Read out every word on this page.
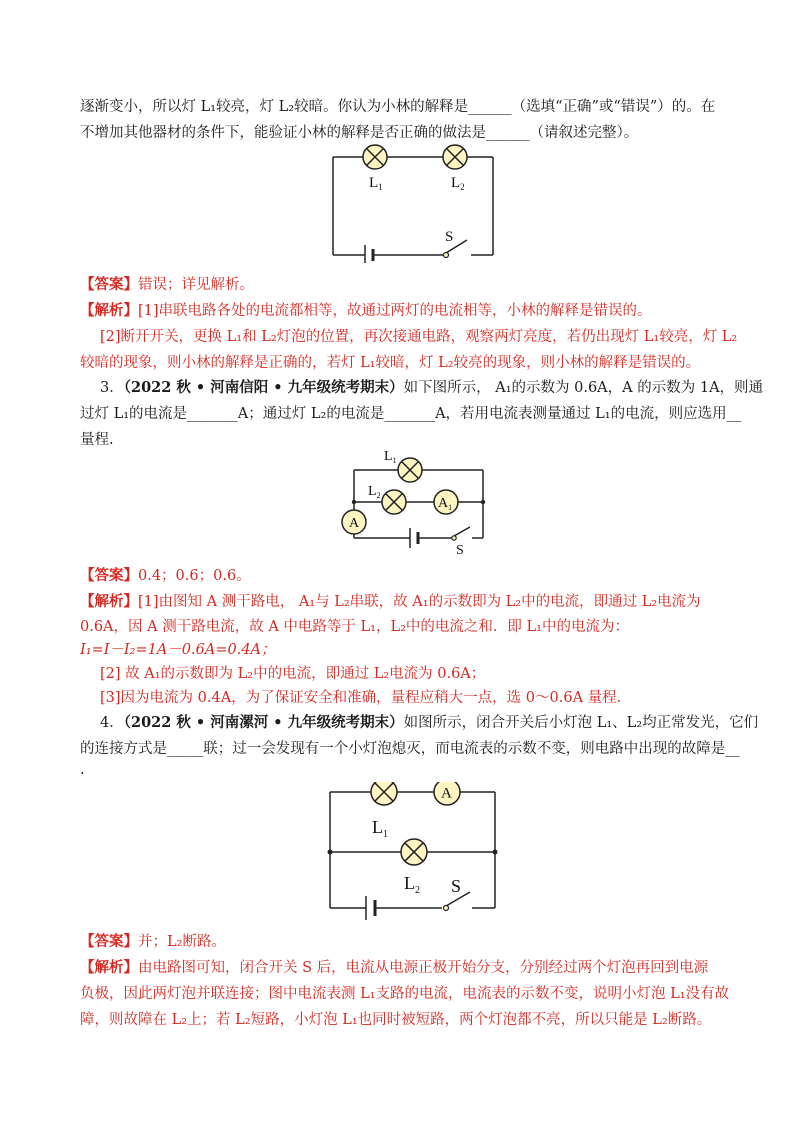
逐渐变小，所以灯 L₁较亮，灯 L₂较暗。你认为小林的解释是______（选填“正确”或“错误”）的。在
不增加其他器材的条件下，能验证小林的解释是否正确的做法是______（请叙述完整）。
$L_1$	$L_2$
S
【答案】错误；详见解析。
【解析】[1]串联电路各处的电流都相等，故通过两灯的电流相等，小林的解释是错误的。
[2]断开开关，更换 L₁和 L₂灯泡的位置，再次接通电路，观察两灯亮度，若仍出现灯 L₁较亮，灯 L₂
较暗的现象，则小林的解释是正确的，若灯 L₁较暗，灯 L₂较亮的现象，则小林的解释是错误的。
3．（2022 秋 • 河南信阳 • 九年级统考期末）如下图所示， A₁的示数为 0.6A，A 的示数为 1A，则通
过灯 L₁的电流是_______A；通过灯 L₂的电流是_______A，若用电流表测量通过 L₁的电流，则应选用__
量程.
$A_1$
A
$L_1$
$L_2$
S
【答案】0.4；0.6；0.6。
【解析】[1]由图知 A 测干路电， A₁与 L₂串联，故 A₁的示数即为 L₂中的电流，即通过 L₂电流为
0.6A，因 A 测干路电流，故 A 中电路等于 L₁，L₂中的电流之和．即 L₁中的电流为：
I₁=I－I₂=1A－0.6A=0.4A；
[2] 故 A₁的示数即为 L₂中的电流，即通过 L₂电流为 0.6A；
[3]因为电流为 0.4A，为了保证安全和准确，量程应稍大一点，选 0～0.6A 量程.
4．（2022 秋 • 河南漯河 • 九年级统考期末）如图所示，闭合开关后小灯泡 L₁、L₂均正常发光，它们
的连接方式是_____联；过一会发现有一个小灯泡熄灭，而电流表的示数不变，则电路中出现的故障是__
.
A
$L_1$
$L_2$ S
【答案】并；L₂断路。
【解析】由电路图可知，闭合开关 S 后，电流从电源正极开始分支，分别经过两个灯泡再回到电源
负极，因此两灯泡并联连接；图中电流表测 L₁支路的电流，电流表的示数不变，说明小灯泡 L₁没有故
障，则故障在 L₂上；若 L₂短路，小灯泡 L₁也同时被短路，两个灯泡都不亮，所以只能是 L₂断路。
